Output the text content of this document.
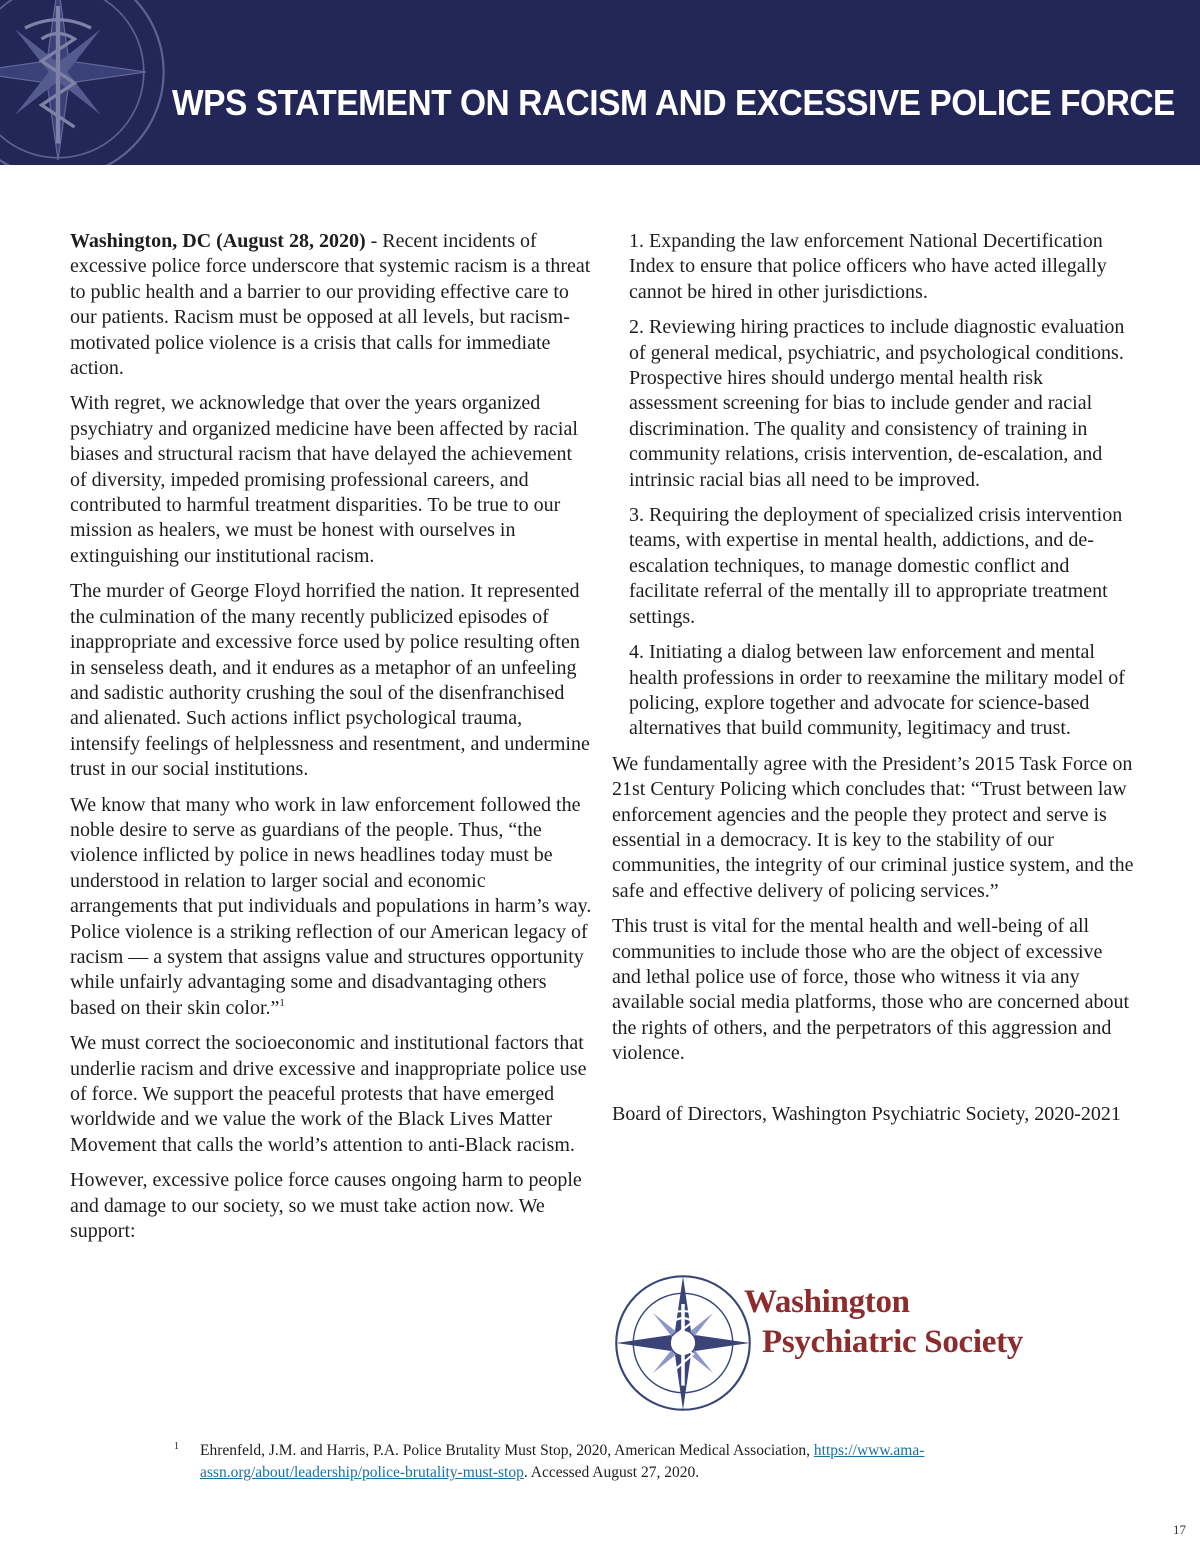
WPS STATEMENT ON RACISM AND EXCESSIVE POLICE FORCE

Washington, DC (August 28, 2020) - Recent incidents of excessive police force underscore that systemic racism is a threat to public health and a barrier to our providing effective care to our patients. Racism must be opposed at all levels, but racism-motivated police violence is a crisis that calls for immediate action.

With regret, we acknowledge that over the years organized psychiatry and organized medicine have been affected by racial biases and structural racism that have delayed the achievement of diversity, impeded promising professional careers, and contributed to harmful treatment disparities. To be true to our mission as healers, we must be honest with ourselves in extinguishing our institutional racism.

The murder of George Floyd horrified the nation. It represented the culmination of the many recently publicized episodes of inappropriate and excessive force used by police resulting often in senseless death, and it endures as a metaphor of an unfeeling and sadistic authority crushing the soul of the disenfranchised and alienated. Such actions inflict psychological trauma, intensify feelings of helplessness and resentment, and undermine trust in our social institutions.

We know that many who work in law enforcement followed the noble desire to serve as guardians of the people. Thus, “the violence inflicted by police in news headlines today must be understood in relation to larger social and economic arrangements that put individuals and populations in harm’s way. Police violence is a striking reflection of our American legacy of racism — a system that assigns value and structures opportunity while unfairly advantaging some and disadvantaging others based on their skin color.”$^1$

We must correct the socioeconomic and institutional factors that underlie racism and drive excessive and inappropriate police use of force. We support the peaceful protests that have emerged worldwide and we value the work of the Black Lives Matter Movement that calls the world’s attention to anti-Black racism.

However, excessive police force causes ongoing harm to people and damage to our society, so we must take action now. We support:

1. Expanding the law enforcement National Decertification Index to ensure that police officers who have acted illegally cannot be hired in other jurisdictions.

2. Reviewing hiring practices to include diagnostic evaluation of general medical, psychiatric, and psychological conditions. Prospective hires should undergo mental health risk assessment screening for bias to include gender and racial discrimination. The quality and consistency of training in community relations, crisis intervention, de-escalation, and intrinsic racial bias all need to be improved.

3. Requiring the deployment of specialized crisis intervention teams, with expertise in mental health, addictions, and de-escalation techniques, to manage domestic conflict and facilitate referral of the mentally ill to appropriate treatment settings.

4. Initiating a dialog between law enforcement and mental health professions in order to reexamine the military model of policing, explore together and advocate for science-based alternatives that build community, legitimacy and trust.

We fundamentally agree with the President’s 2015 Task Force on 21st Century Policing which concludes that: “Trust between law enforcement agencies and the people they protect and serve is essential in a democracy. It is key to the stability of our communities, the integrity of our criminal justice system, and the safe and effective delivery of policing services.”

This trust is vital for the mental health and well-being of all communities to include those who are the object of excessive and lethal police use of force, those who witness it via any available social media platforms, those who are concerned about the rights of others, and the perpetrators of this aggression and violence.

Board of Directors, Washington Psychiatric Society, 2020-2021

Washington
Psychiatric Society
1	Ehrenfeld, J.M. and Harris, P.A. Police Brutality Must Stop, 2020, American Medical Association, https://www.ama-assn.org/about/leadership/police-brutality-must-stop. Accessed August 27, 2020.
17
